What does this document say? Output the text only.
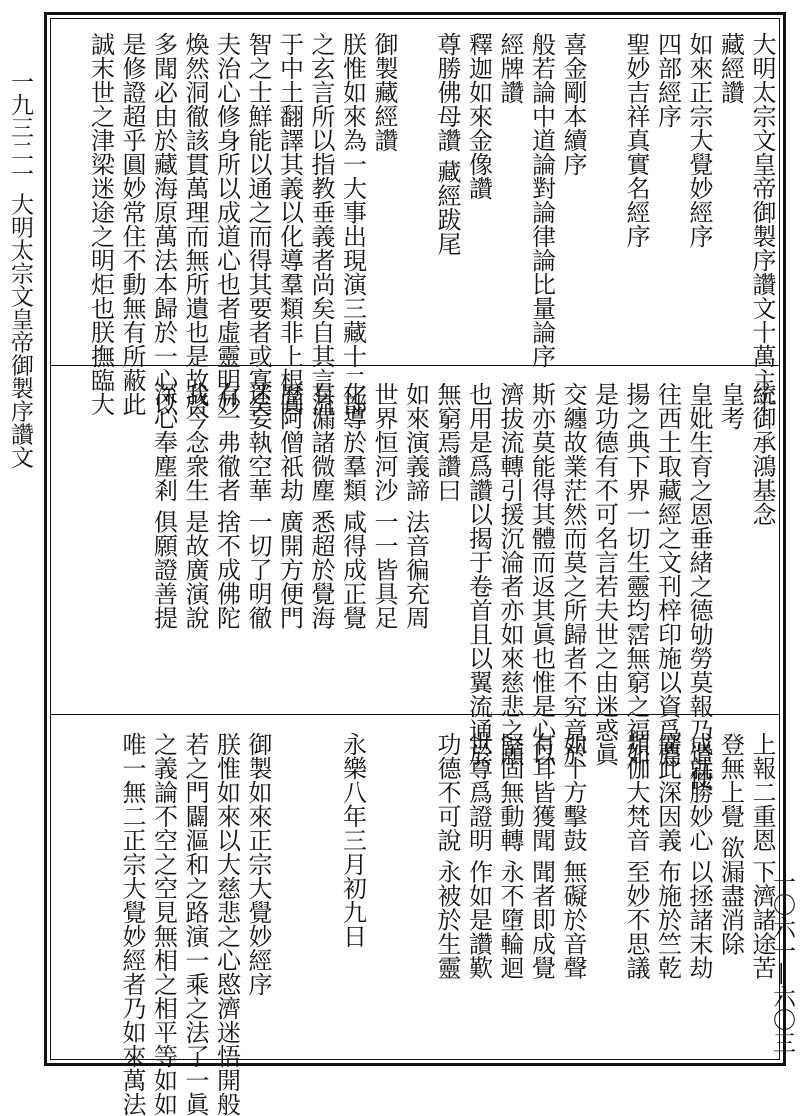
一九三二一 大明太宗文皇帝御製序讚文
一〇六一—六〇三
大明太宗文皇帝御製序讚文十萬主十
藏經讚
如來正宗大覺妙經序
四部經序
聖妙吉祥真實名經序
喜金剛本續序
般若論中道論對論律論比量論序
經牌讚
釋迦如來金像讚
尊勝佛母讚 藏經跋尾
御製藏經讚
朕惟如來為一大事出現演三藏十二部
之玄言所以指教垂義者尚矣自其言流
于中土翻譯其義以化導羣類非上根圓
智之士鮮能以通之而得其要者或寡矣
夫治心修身所以成道心也者虛靈明妙
煥然洞徹該貫萬理而無所遺也是故啓
多聞必由於藏海原萬法本歸於一心以
是修證超乎圓妙常住不動無有所蔽此
誠末世之津梁迷途之明炬也朕撫臨大
統御承鴻基念
皇考
皇妣生育之恩垂緒之德劬勞莫報乃遣使
往西土取藏經之文刊梓印施以資爲薦
揚之典下界一切生靈均霑無窮之福如
是功德有不可名言若夫世之由迷惑眞
交纏故業茫然而莫之所歸者不究竟於
斯亦莫能得其體而返其眞也惟是心以
濟拔流轉引援沉淪者亦如來慈悲之願
也用是爲讚以揭于卷首且以翼流通於
無窮焉讚曰
如來演義諦 法音徧充周
世界恒河沙 一一皆具足
化導於羣類 咸得成正覺
有漏諸微塵 悉超於覺海
歷阿僧祇劫 廣開方便門
迷妄執空華 一切了明徹
有一弗徹者 捨不成佛陀
我今念衆生 是故廣演說
深心奉塵剎 俱願證善提
上報二重恩 下濟諸途苦
登無上覺 欲漏盡消除
成就勝妙心 以拯諸末劫
廣此深因義 布施於竺乾
頻伽大梵音 至妙不思議
如十方擊鼓 無礙於音聲
有耳皆獲聞 聞者即成覺
堅固無動轉 永不墮輪迴
世尊爲證明 作如是讚歎
功德不可說 永被於生靈
永樂八年三月初九日
御製如來正宗大覺妙經序
朕惟如來以大慈悲之心愍濟迷悟開般
若之門闢漚和之路演一乘之法了一眞
之義論不空之空見無相之相平等如如
唯一無二正宗大覺妙經者乃如來萬法
